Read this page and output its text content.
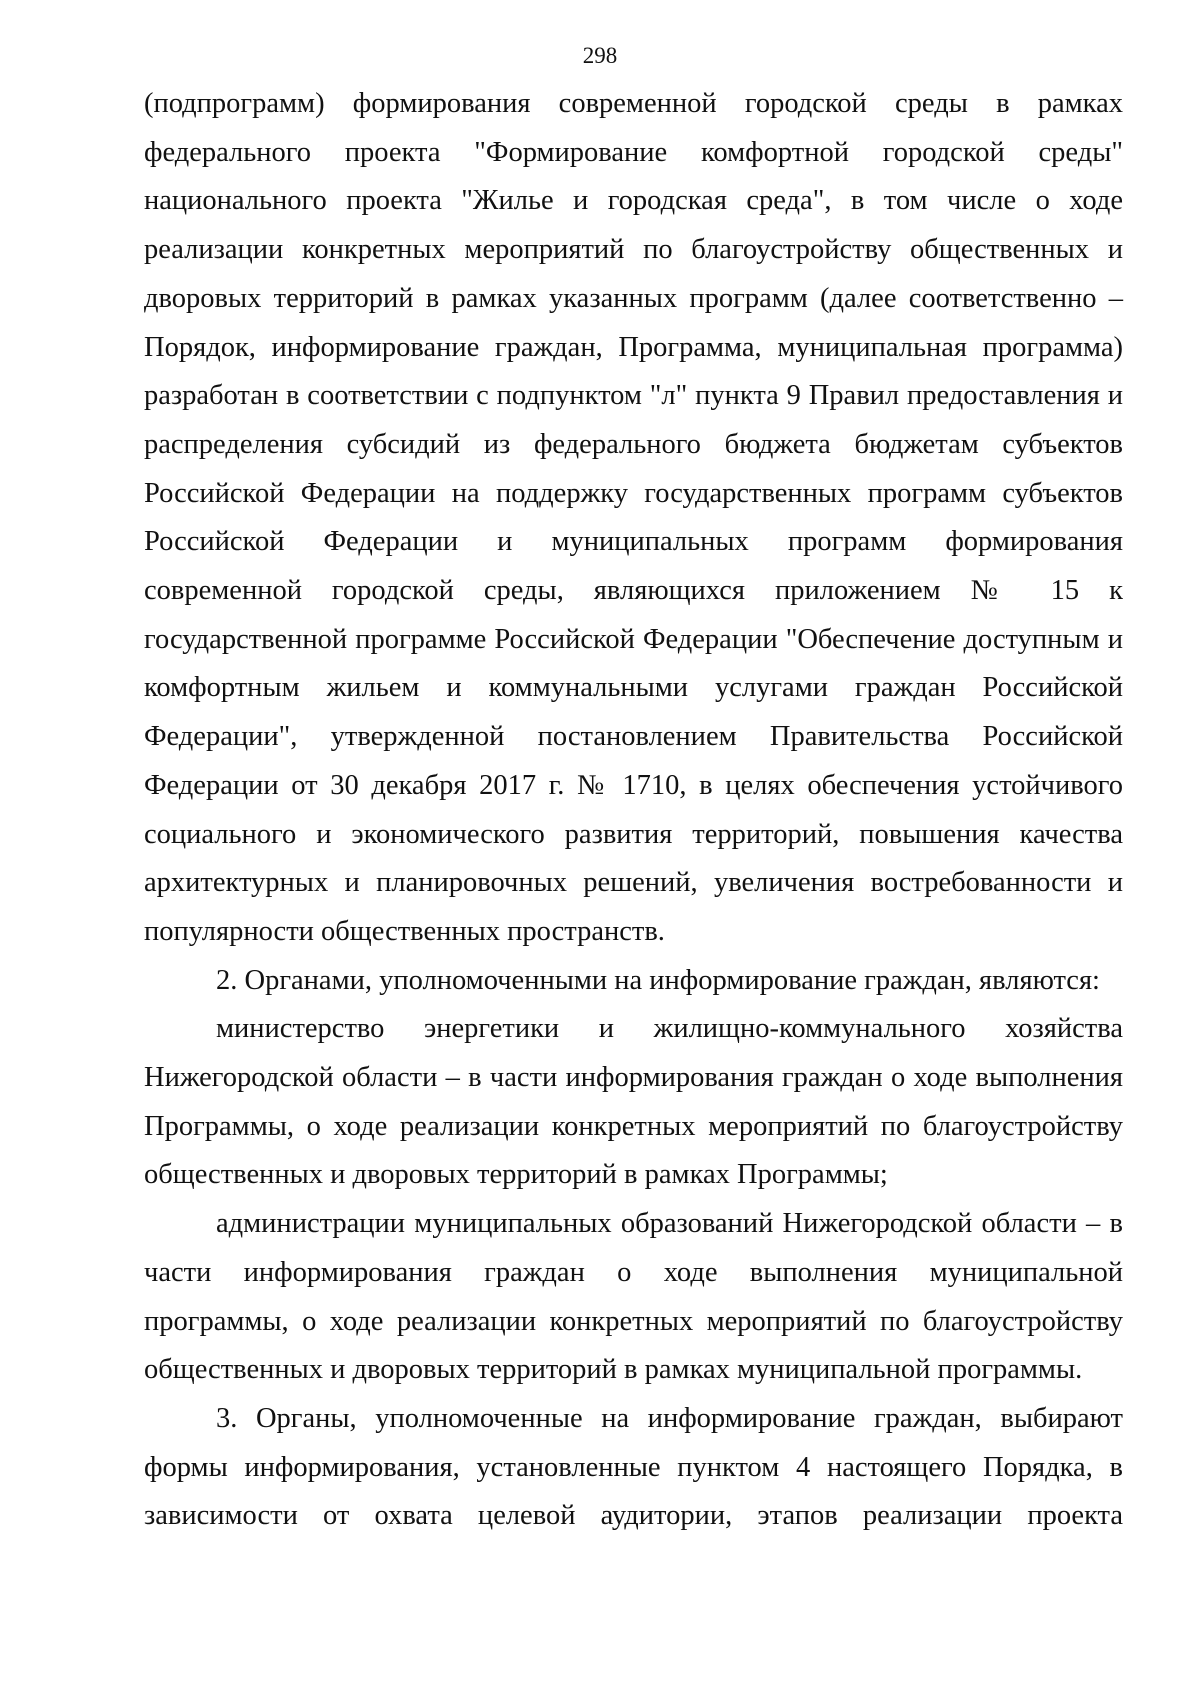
298

(подпрограмм) формирования современной городской среды в рамках федерального проекта "Формирование комфортной городской среды" национального проекта "Жилье и городская среда", в том числе о ходе реализации конкретных мероприятий по благоустройству общественных и дворовых территорий в рамках указанных программ (далее соответственно – Порядок, информирование граждан, Программа, муниципальная программа) разработан в соответствии с подпунктом "л" пункта 9 Правил предоставления и распределения субсидий из федерального бюджета бюджетам субъектов Российской Федерации на поддержку государственных программ субъектов Российской Федерации и муниципальных программ формирования современной городской среды, являющихся приложением № 15 к государственной программе Российской Федерации "Обеспечение доступным и комфортным жильем и коммунальными услугами граждан Российской Федерации", утвержденной постановлением Правительства Российской Федерации от 30 декабря 2017 г. № 1710, в целях обеспечения устойчивого социального и экономического развития территорий, повышения качества архитектурных и планировочных решений, увеличения востребованности и популярности общественных пространств.

2. Органами, уполномоченными на информирование граждан, являются:

министерство энергетики и жилищно-коммунального хозяйства Нижегородской области – в части информирования граждан о ходе выполнения Программы, о ходе реализации конкретных мероприятий по благоустройству общественных и дворовых территорий в рамках Программы;

администрации муниципальных образований Нижегородской области – в части информирования граждан о ходе выполнения муниципальной программы, о ходе реализации конкретных мероприятий по благоустройству общественных и дворовых территорий в рамках муниципальной программы.

3. Органы, уполномоченные на информирование граждан, выбирают формы информирования, установленные пунктом 4 настоящего Порядка, в зависимости от охвата целевой аудитории, этапов реализации проекта
